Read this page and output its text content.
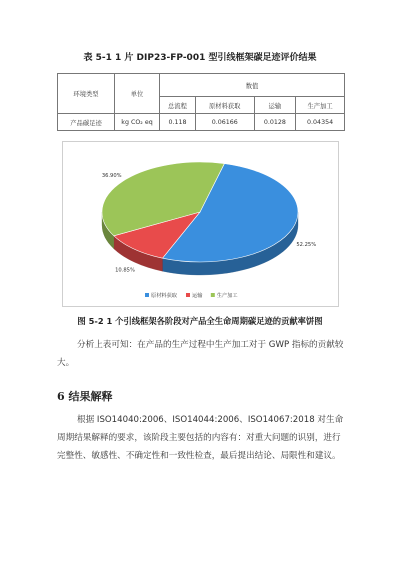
表 5-1 1 片 DIP23-FP-001 型引线框架碳足迹评价结果
环境类型	单位	数值			
		总流程	原材料获取	运输	生产加工
产品碳足迹	kg CO₂ eq	0.118	0.06166	0.0128	0.04354
52.25%
10.85%
36.90%
原材料获取	运输	生产加工
图 5-2 1 个引线框架各阶段对产品全生命周期碳足迹的贡献率饼图
分析上表可知：在产品的生产过程中生产加工对于 GWP 指标的贡献较大。
6 结果解释
根据 ISO14040:2006、ISO14044:2006、ISO14067:2018 对生命周期结果解释的要求，该阶段主要包括的内容有：对重大问题的识别，进行完整性、敏感性、不确定性和一致性检查，最后提出结论、局限性和建议。
